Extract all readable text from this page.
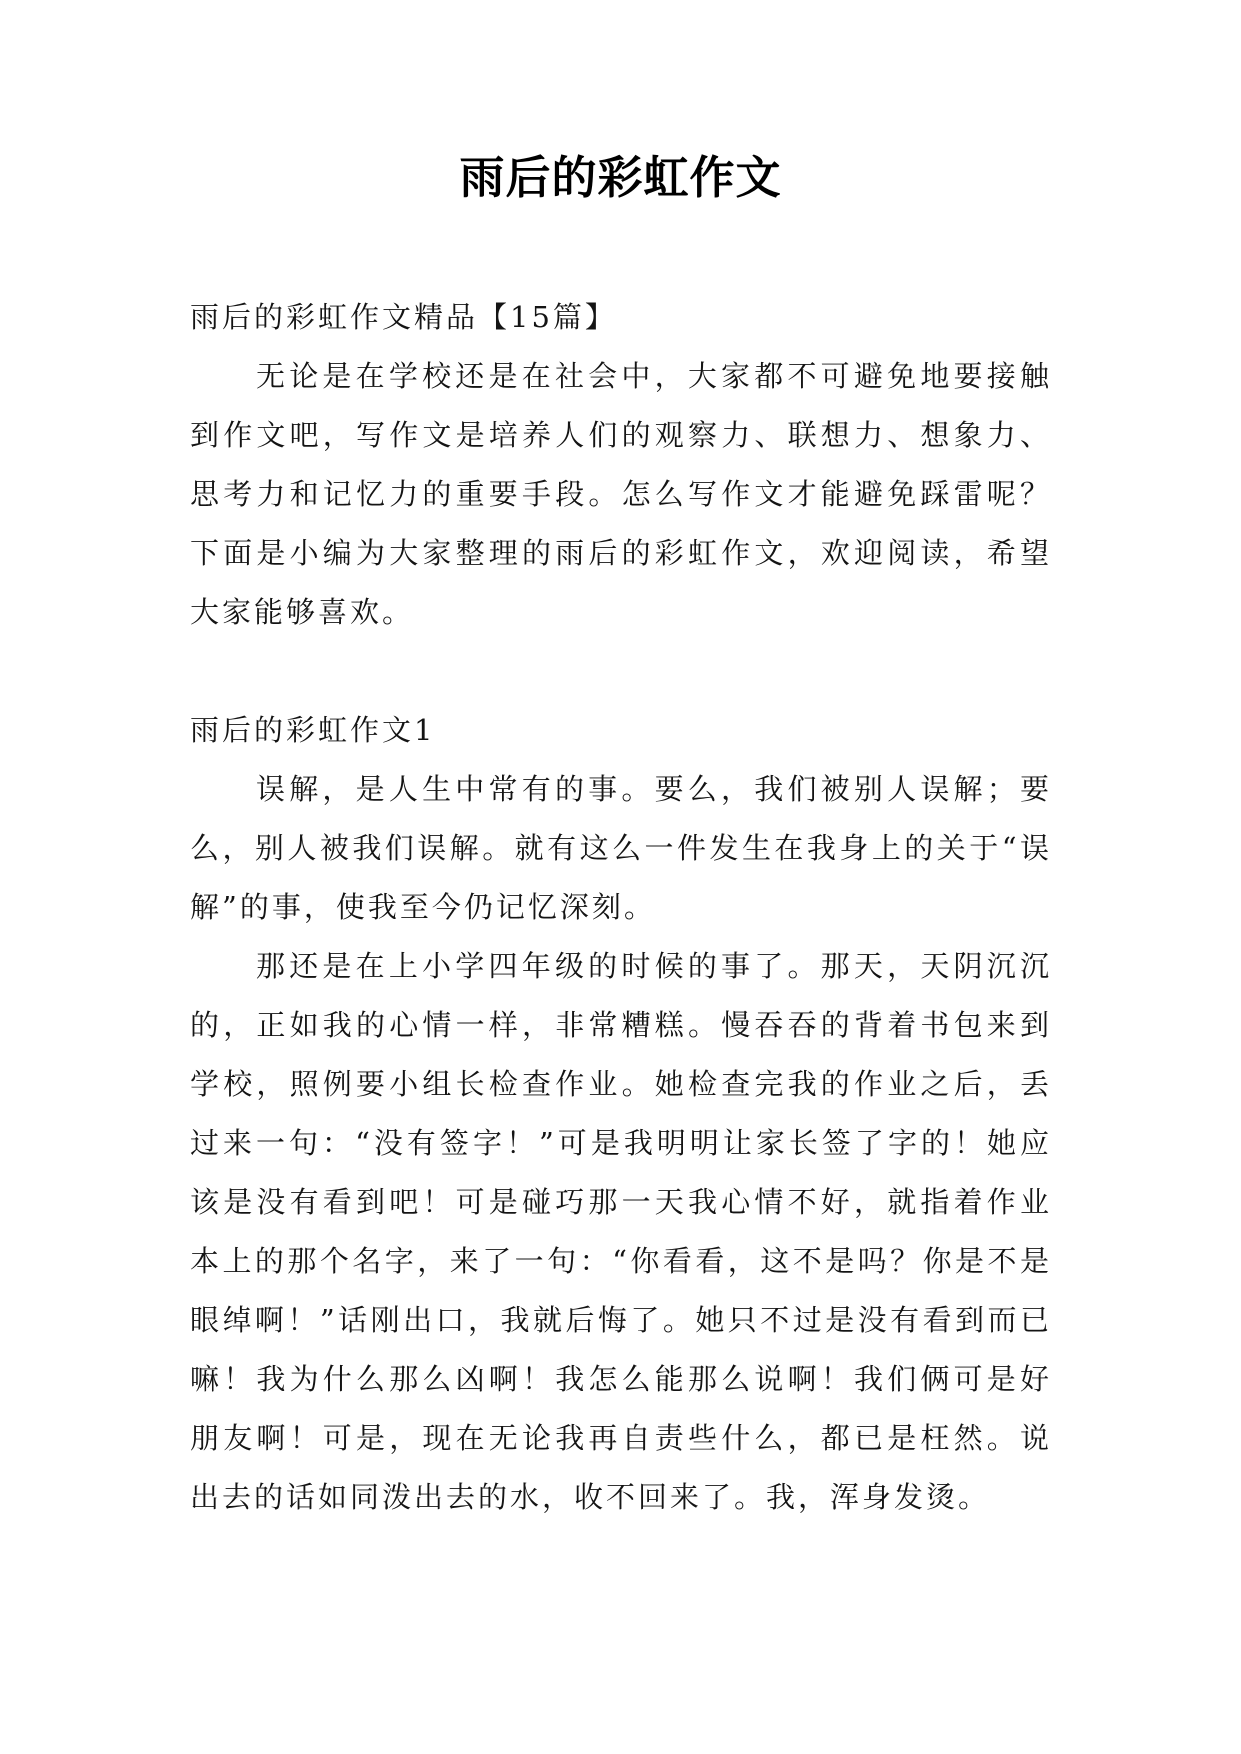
雨后的彩虹作文

雨后的彩虹作文精品【15篇】

无论是在学校还是在社会中，大家都不可避免地要接触到作文吧，写作文是培养人们的观察力、联想力、想象力、思考力和记忆力的重要手段。怎么写作文才能避免踩雷呢？下面是小编为大家整理的雨后的彩虹作文，欢迎阅读，希望大家能够喜欢。

雨后的彩虹作文1

误解，是人生中常有的事。要么，我们被别人误解；要么，别人被我们误解。就有这么一件发生在我身上的关于“误解”的事，使我至今仍记忆深刻。

那还是在上小学四年级的时候的事了。那天，天阴沉沉的，正如我的心情一样，非常糟糕。慢吞吞的背着书包来到学校，照例要小组长检查作业。她检查完我的作业之后，丢过来一句：“没有签字！”可是我明明让家长签了字的！她应该是没有看到吧！可是碰巧那一天我心情不好，就指着作业本上的那个名字，来了一句：“你看看，这不是吗？你是不是眼绰啊！”话刚出口，我就后悔了。她只不过是没有看到而已嘛！我为什么那么凶啊！我怎么能那么说啊！我们俩可是好朋友啊！可是，现在无论我再自责些什么，都已是枉然。说出去的话如同泼出去的水，收不回来了。我，浑身发烫。
